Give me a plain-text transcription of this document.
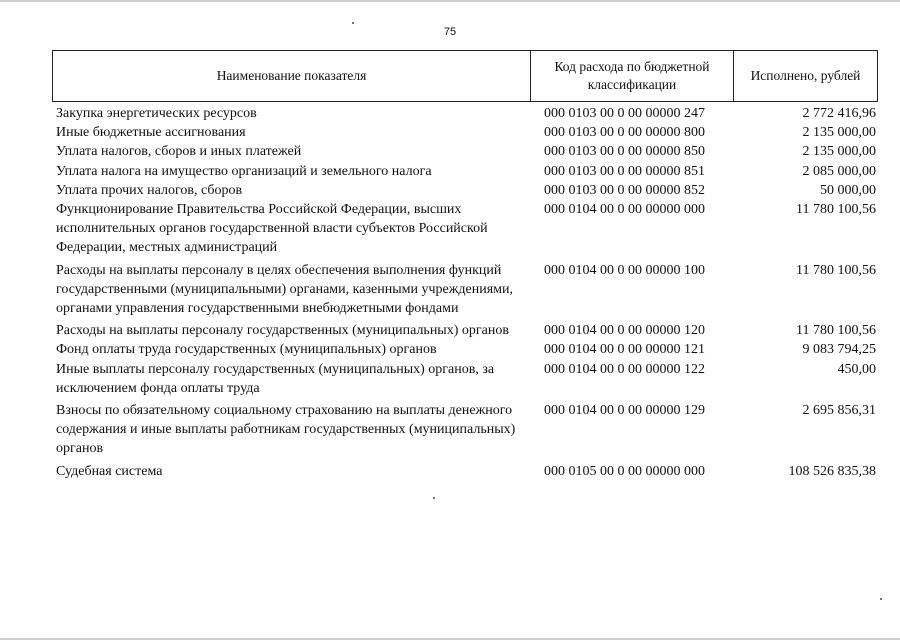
75
Наименование показателя
Код расхода по бюджетной классификации
Исполнено, рублей
Закупка энергетических ресурсов	000 0103 00 0 00 00000 247	2 772 416,96
Иные бюджетные ассигнования	000 0103 00 0 00 00000 800	2 135 000,00
Уплата налогов, сборов и иных платежей	000 0103 00 0 00 00000 850	2 135 000,00
Уплата налога на имущество организаций и земельного налога	000 0103 00 0 00 00000 851	2 085 000,00
Уплата прочих налогов, сборов	000 0103 00 0 00 00000 852	50 000,00
Функционирование Правительства Российской Федерации, высших исполнительных органов государственной власти субъектов Российской Федерации, местных администраций
000 0104 00 0 00 00000 000	11 780 100,56
Расходы на выплаты персоналу в целях обеспечения выполнения функций государственными (муниципальными) органами, казенными учреждениями, органами управления государственными внебюджетными фондами
000 0104 00 0 00 00000 100	11 780 100,56
Расходы на выплаты персоналу государственных (муниципальных) органов	000 0104 00 0 00 00000 120	11 780 100,56
Фонд оплаты труда государственных (муниципальных) органов	000 0104 00 0 00 00000 121	9 083 794,25
Иные выплаты персоналу государственных (муниципальных) органов, за исключением фонда оплаты труда
000 0104 00 0 00 00000 122	450,00
Взносы по обязательному социальному страхованию на выплаты денежного содержания и иные выплаты работникам государственных (муниципальных) органов
000 0104 00 0 00 00000 129	2 695 856,31
Судебная система	000 0105 00 0 00 00000 000	108 526 835,38
